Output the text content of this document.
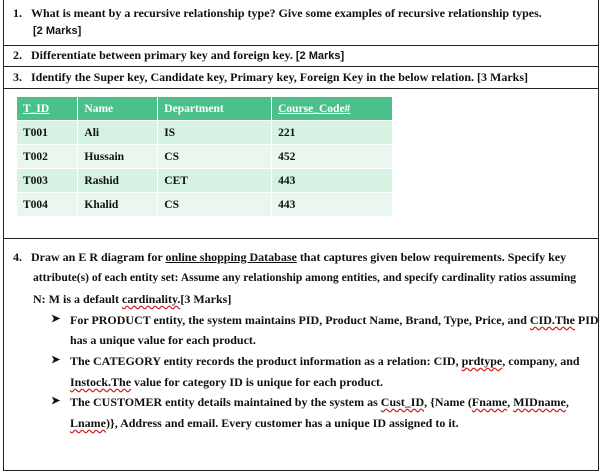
1. What is meant by a recursive relationship type? Give some examples of recursive relationship types.
[2 Marks]
2. Differentiate between primary key and foreign key. [2 Marks]
3. Identify the Super key, Candidate key, Primary key, Foreign Key in the below relation. [3 Marks]
T_ID	Name	Department	Course_Code#
T001	Ali	IS	221
T002	Hussain	CS	452
T003	Rashid	CET	443
T004	Khalid	CS	443
4. Draw an E R diagram for online shopping Database that captures given below requirements. Specify key
attribute(s) of each entity set: Assume any relationship among entities, and specify cardinality ratios assuming
N: M is a default cardinality.[3 Marks]
➤ For PRODUCT entity, the system maintains PID, Product Name, Brand, Type, Price, and CID.The PID
has a unique value for each product.
➤ The CATEGORY entity records the product information as a relation: CID, prdtype, company, and
Instock.The value for category ID is unique for each product.
➤ The CUSTOMER entity details maintained by the system as Cust_ID, {Name (Fname, MIDname,
Lname)}, Address and email. Every customer has a unique ID assigned to it.
